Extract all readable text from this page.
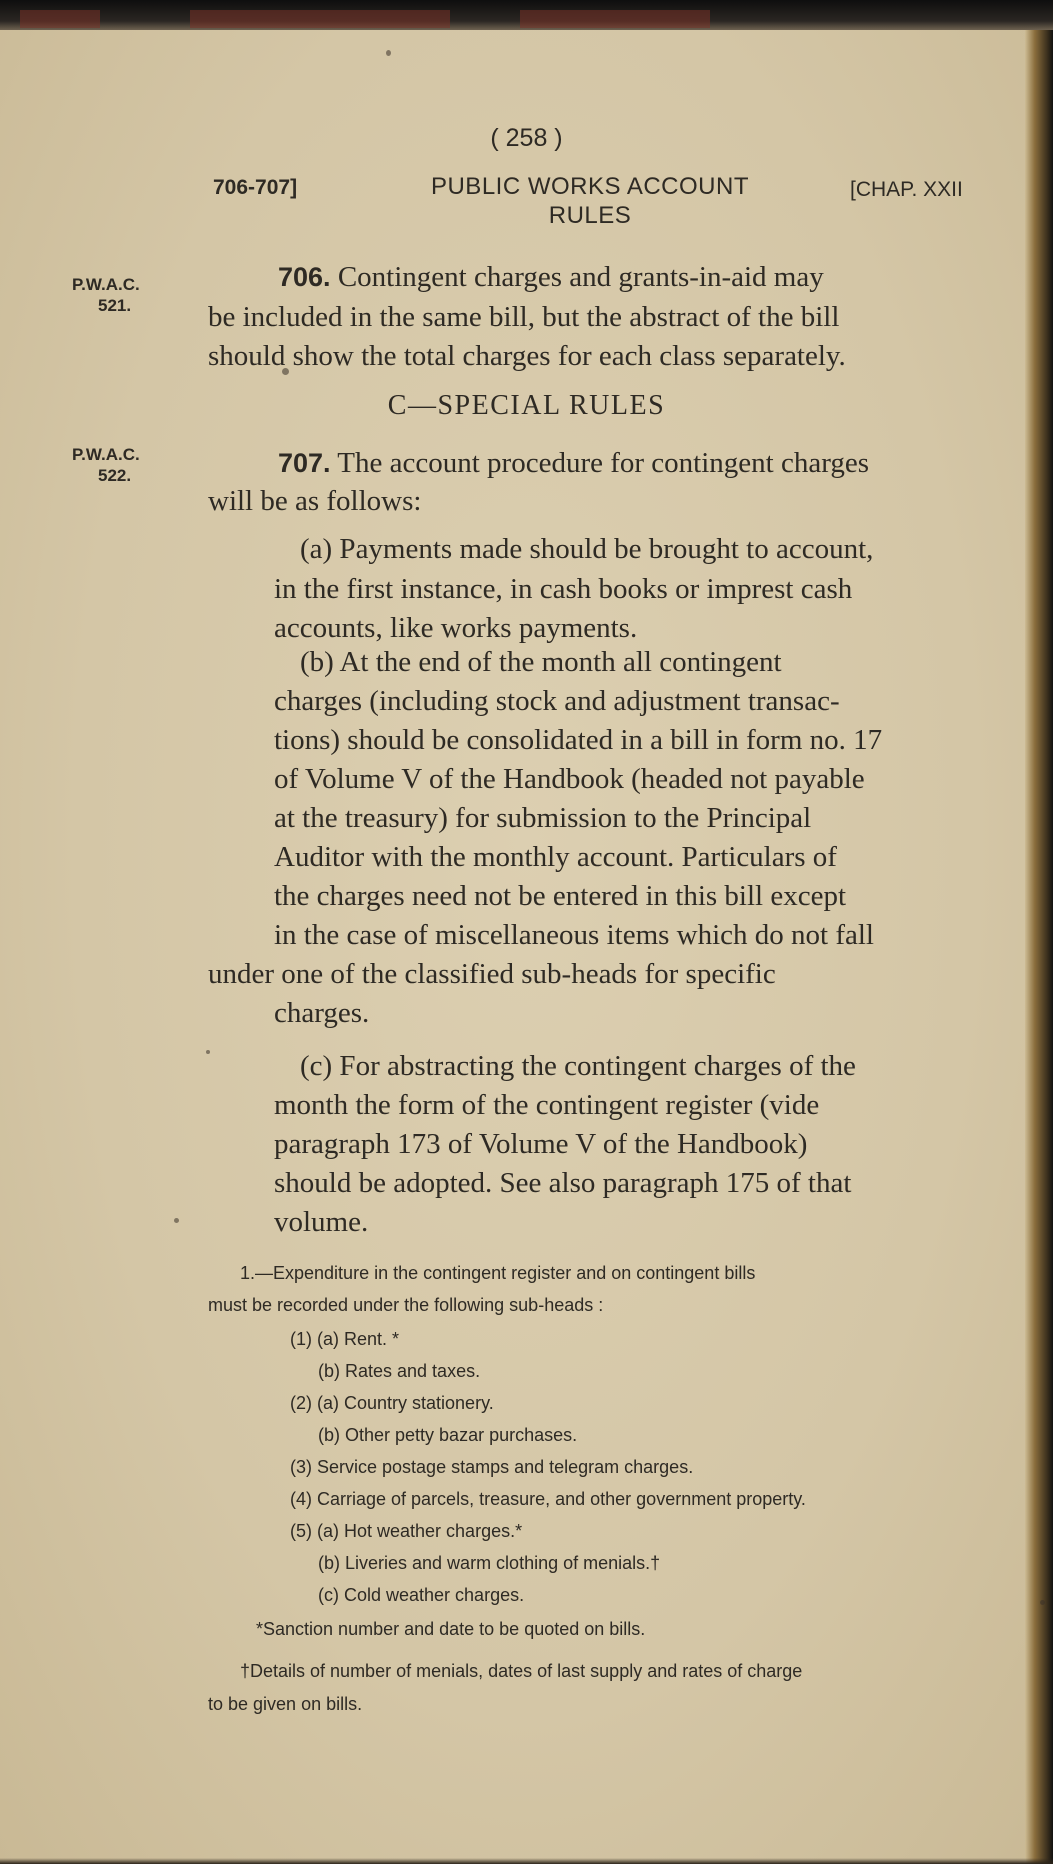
( 258 )
706-707]	PUBLIC WORKS ACCOUNT RULES
[CHAP. XXII
P.W.A.C.
521.
706. Contingent charges and grants-in-aid may
be included in the same bill, but the abstract of the bill
should show the total charges for each class separately.
C—SPECIAL RULES
P.W.A.C.
522.	707. The account procedure for contingent charges
will be as follows:
(a) Payments made should be brought to account,
in the first instance, in cash books or imprest cash
accounts, like works payments.
(b) At the end of the month all contingent
charges (including stock and adjustment transac-
tions) should be consolidated in a bill in form no. 17
of Volume V of the Handbook (headed not payable
at the treasury) for submission to the Principal
Auditor with the monthly account. Particulars of
the charges need not be entered in this bill except
in the case of miscellaneous items which do not fall
under one of the classified sub-heads for specific
charges.
(c) For abstracting the contingent charges of the
month the form of the contingent register (vide
paragraph 173 of Volume V of the Handbook)
should be adopted. See also paragraph 175 of that
volume.
1.—Expenditure in the contingent register and on contingent bills
must be recorded under the following sub-heads :
(1) (a) Rent. *
(b) Rates and taxes.
(2) (a) Country stationery.
(b) Other petty bazar purchases.
(3) Service postage stamps and telegram charges.
(4) Carriage of parcels, treasure, and other government property.
(5) (a) Hot weather charges.*
(b) Liveries and warm clothing of menials.†
(c) Cold weather charges.
*Sanction number and date to be quoted on bills.
†Details of number of menials, dates of last supply and rates of charge
to be given on bills.
